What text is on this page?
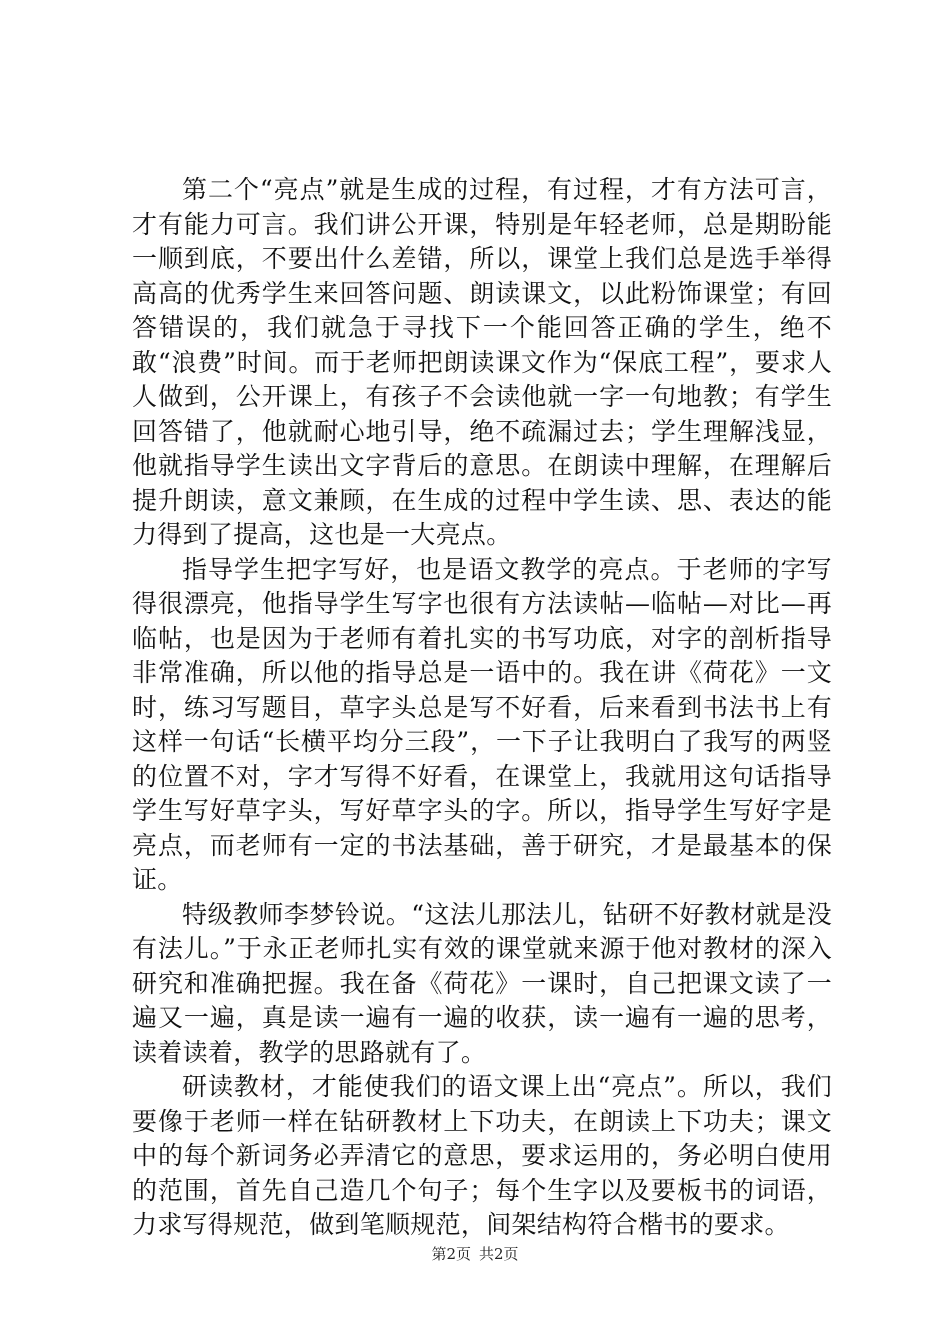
第二个“亮点”就是生成的过程，有过程，才有方法可言，才有能力可言。我们讲公开课，特别是年轻老师，总是期盼能一顺到底，不要出什么差错，所以，课堂上我们总是选手举得高高的优秀学生来回答问题、朗读课文，以此粉饰课堂；有回答错误的，我们就急于寻找下一个能回答正确的学生，绝不敢“浪费”时间。而于老师把朗读课文作为“保底工程”，要求人人做到，公开课上，有孩子不会读他就一字一句地教；有学生回答错了，他就耐心地引导，绝不疏漏过去；学生理解浅显，他就指导学生读出文字背后的意思。在朗读中理解，在理解后提升朗读，意文兼顾，在生成的过程中学生读、思、表达的能力得到了提高，这也是一大亮点。

指导学生把字写好，也是语文教学的亮点。于老师的字写得很漂亮，他指导学生写字也很有方法读帖—临帖—对比—再临帖，也是因为于老师有着扎实的书写功底，对字的剖析指导非常准确，所以他的指导总是一语中的。我在讲《荷花》一文时，练习写题目，草字头总是写不好看，后来看到书法书上有这样一句话“长横平均分三段”，一下子让我明白了我写的两竖的位置不对，字才写得不好看，在课堂上，我就用这句话指导学生写好草字头，写好草字头的字。所以，指导学生写好字是亮点，而老师有一定的书法基础，善于研究，才是最基本的保证。

特级教师李梦铃说。“这法儿那法儿，钻研不好教材就是没有法儿。”于永正老师扎实有效的课堂就来源于他对教材的深入研究和准确把握。我在备《荷花》一课时，自己把课文读了一遍又一遍，真是读一遍有一遍的收获，读一遍有一遍的思考，读着读着，教学的思路就有了。

研读教材，才能使我们的语文课上出“亮点”。所以，我们要像于老师一样在钻研教材上下功夫，在朗读上下功夫；课文中的每个新词务必弄清它的意思，要求运用的，务必明白使用的范围，首先自己造几个句子；每个生字以及要板书的词语，力求写得规范，做到笔顺规范，间架结构符合楷书的要求。

第2页 共2页
